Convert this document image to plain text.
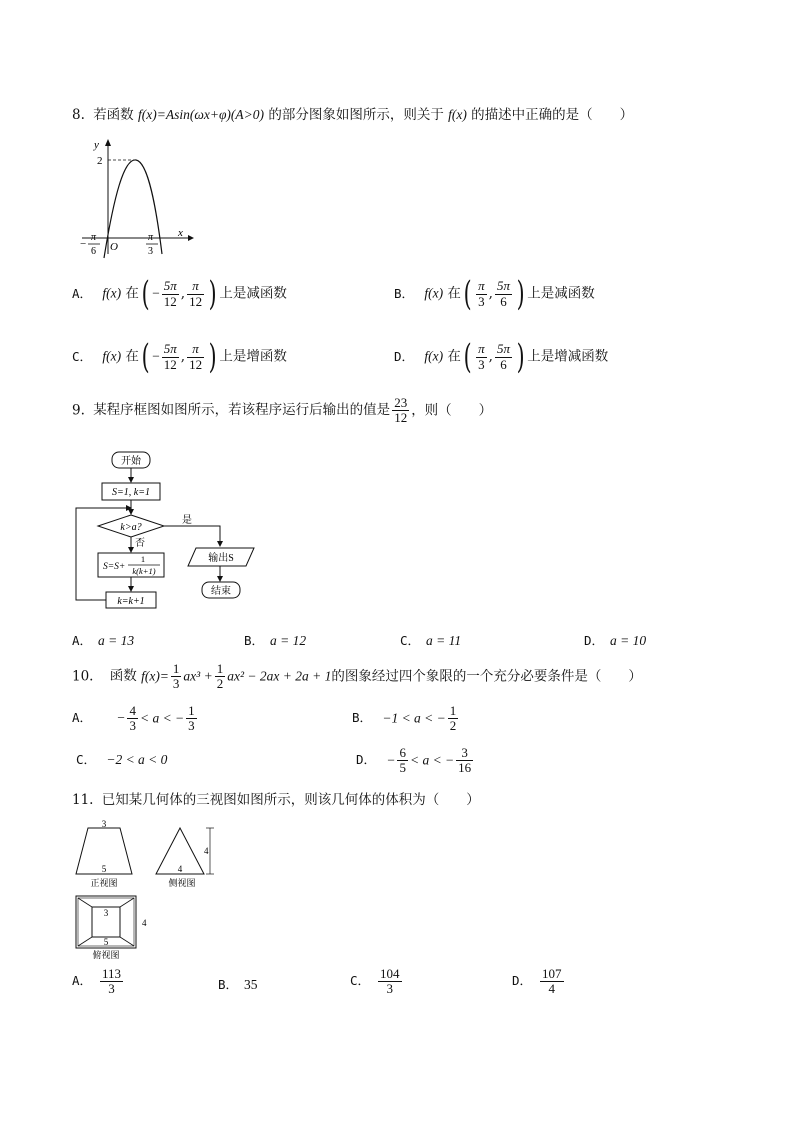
8. 若函数 f(x)=Asin(ωx+φ)(A>0) 的部分图象如图所示，则关于 f(x) 的描述中正确的是（　　）
y
x
O
2
−
π
6
π
3
A． f(x) 在( − $\frac{5\pi}{12}$ , $\frac{\pi}{12}$ ) 上是减函数	B． f(x) 在( $\frac{\pi}{3}$ , $\frac{5\pi}{6}$ ) 上是减函数
C． f(x) 在( − $\frac{5\pi}{12}$ , $\frac{\pi}{12}$ ) 上是增函数	D． f(x) 在( $\frac{\pi}{3}$ , $\frac{5\pi}{6}$ ) 上是增减函数
9. 某程序框图如图所示，若该程序运行后输出的值是 $\frac{23}{12}$ ，则（　　）
开始
S=1, k=1
k>a?
是
输出S
结束
否
S=S+
1
k(k+1)
k=k+1
A． a = 13	B． a = 12	C． a = 11	D． a = 10
10. 函数 $f(x)= \frac{1}{3} ax^3 + \frac{1}{2} ax^2 - 2ax + 2a + 1$的图象经过四个象限的一个充分必要条件是（　　）
A． − $\frac{4}{3} < a$ < − $\frac{1}{3}$	B． −1 < a < − $\frac{1}{2}$
C． −2 < a < 0	D． − $\frac{6}{5} < a$ < − $\frac{3}{16}$
11. 已知某几何体的三视图如图所示，则该几何体的体积为（　　）
3
5
正视图
4
4
侧视图
3
5
4
俯视图
A． $\frac{113}{3}$	B． 35	C． $\frac{104}{3}$	D． $\frac{107}{4}$
